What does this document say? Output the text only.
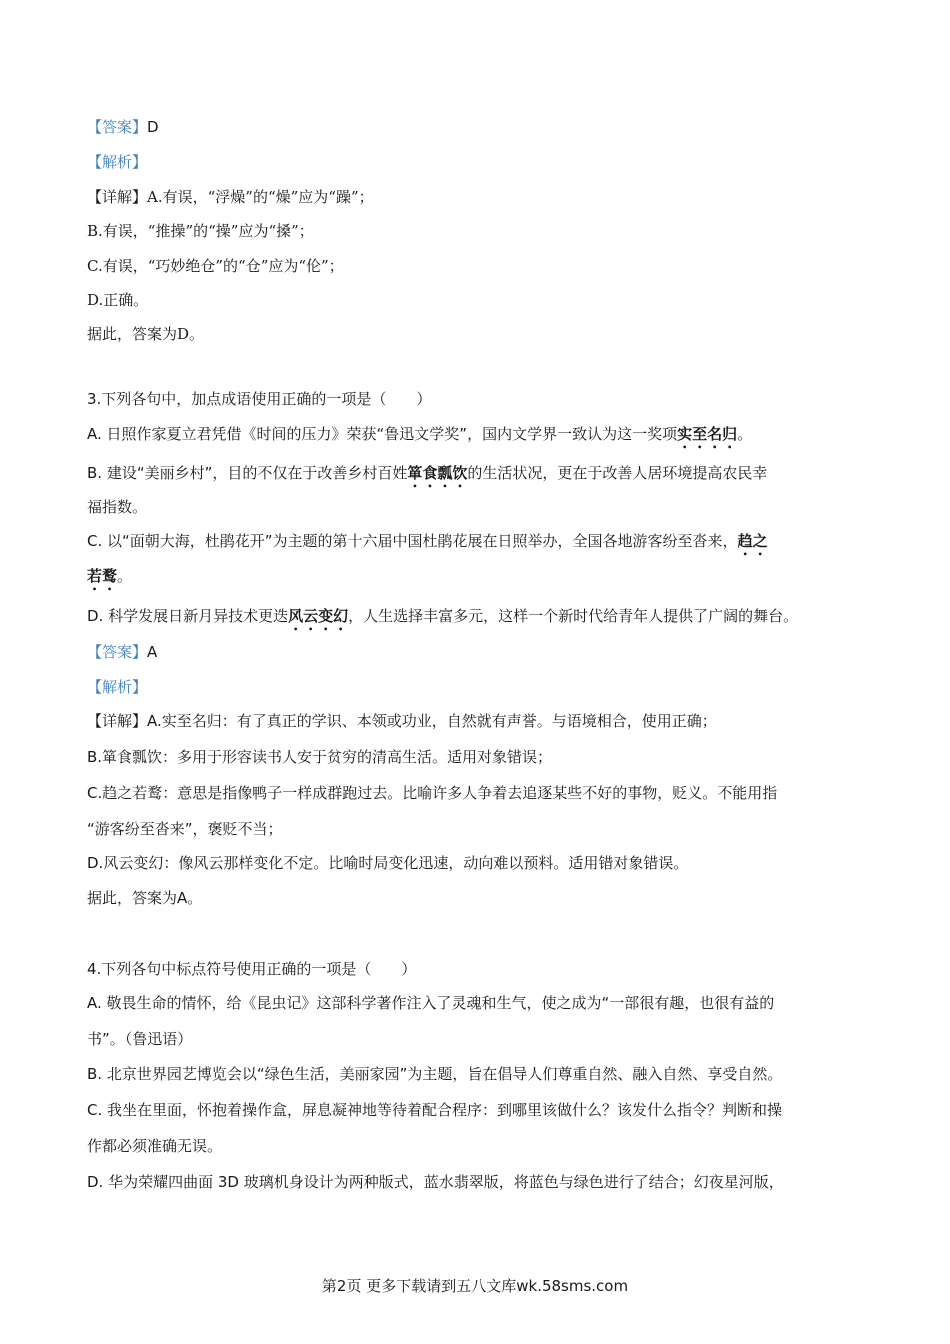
【答案】D

【解析】

【详解】A.有误，“浮燥”的“燥”应为“躁”；

B.有误，“推操”的“操”应为“搡”；

C.有误，“巧妙绝仓”的“仓”应为“伦”；

D.正确。

据此，答案为D。

3.下列各句中，加点成语使用正确的一项是（　　）

A. 日照作家夏立君凭借《时间的压力》荣获“鲁迅文学奖”，国内文学界一致认为这一奖项实至名归。

B. 建设“美丽乡村”，目的不仅在于改善乡村百姓箪食瓢饮的生活状况，更在于改善人居环境提高农民幸

福指数。

C. 以“面朝大海，杜鹃花开”为主题的第十六届中国杜鹃花展在日照举办，全国各地游客纷至沓来，趋之

若鹜。

D. 科学发展日新月异技术更迭风云变幻，人生选择丰富多元，这样一个新时代给青年人提供了广阔的舞台。

【答案】A

【解析】

【详解】A.实至名归：有了真正的学识、本领或功业，自然就有声誉。与语境相合，使用正确；

B.箪食瓢饮：多用于形容读书人安于贫穷的清高生活。适用对象错误；

C.趋之若鹜：意思是指像鸭子一样成群跑过去。比喻许多人争着去追逐某些不好的事物，贬义。不能用指

“游客纷至沓来”，褒贬不当；

D.风云变幻：像风云那样变化不定。比喻时局变化迅速，动向难以预料。适用错对象错误。

据此，答案为A。

4.下列各句中标点符号使用正确的一项是（　　）

A. 敬畏生命的情怀，给《昆虫记》这部科学著作注入了灵魂和生气，使之成为“一部很有趣，也很有益的

书”。（鲁迅语）

B. 北京世界园艺博览会以“绿色生活，美丽家园”为主题，旨在倡导人们尊重自然、融入自然、享受自然。

C. 我坐在里面，怀抱着操作盒，屏息凝神地等待着配合程序：到哪里该做什么？该发什么指令？判断和操

作都必须准确无误。

D. 华为荣耀四曲面 3D 玻璃机身设计为两种版式，蓝水翡翠版，将蓝色与绿色进行了结合；幻夜星河版，

第2页 更多下载请到五八文库wk.58sms.com
